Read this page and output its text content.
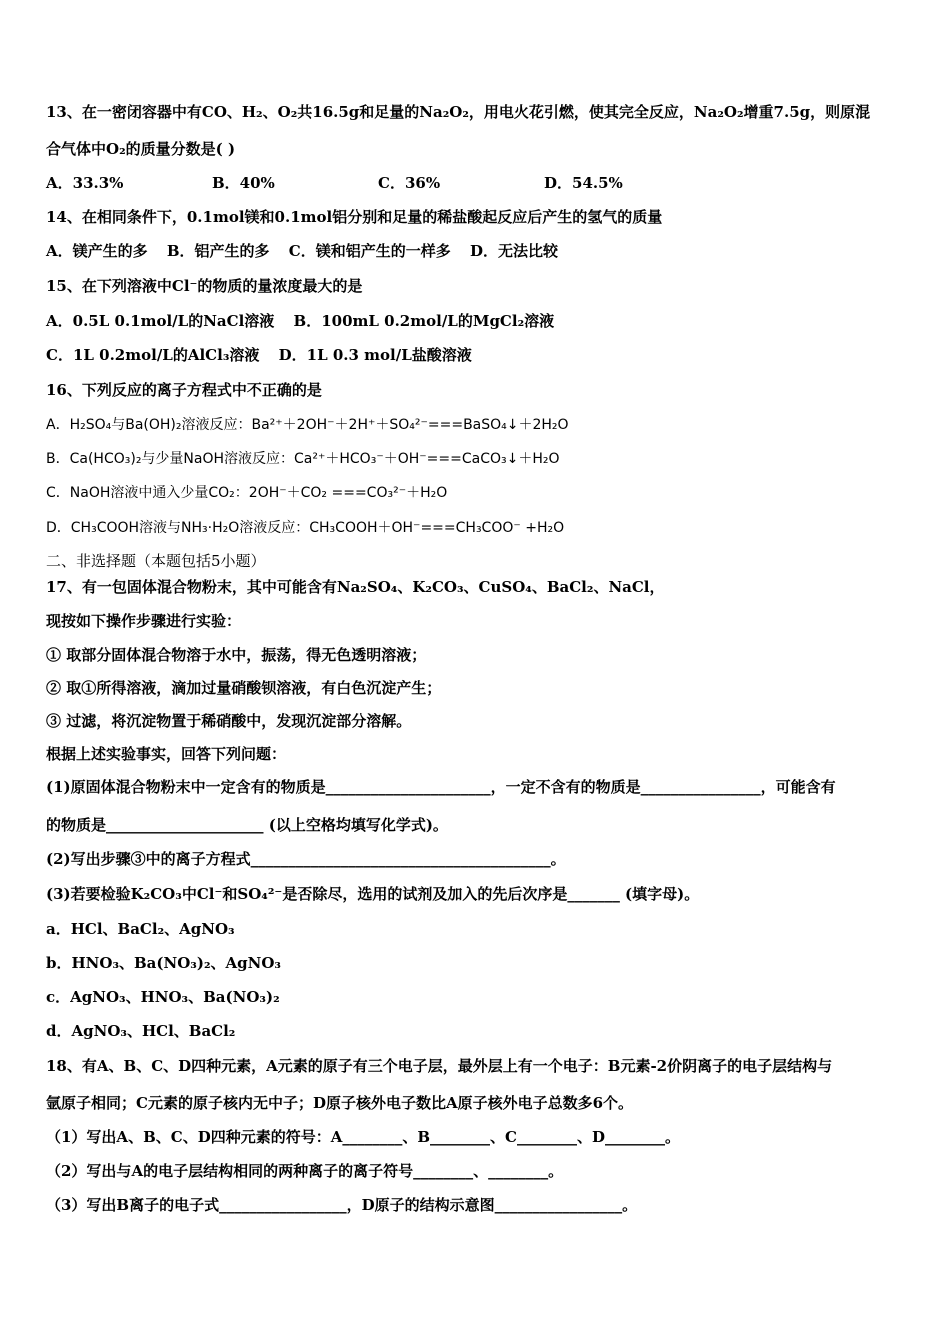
13、在一密闭容器中有CO、H₂、O₂共16.5g和足量的Na₂O₂，用电火花引燃，使其完全反应，Na₂O₂增重7.5g，则原混
合气体中O₂的质量分数是( )
A．33.3%	B．40%	C．36%	D．54.5%
14、在相同条件下，0.1mol镁和0.1mol铝分别和足量的稀盐酸起反应后产生的氢气的质量
A．镁产生的多 B．铝产生的多 C．镁和铝产生的一样多 D．无法比较
15、在下列溶液中Cl⁻的物质的量浓度最大的是
A．0.5L 0.1mol/L的NaCl溶液 B．100mL 0.2mol/L的MgCl₂溶液
C．1L 0.2mol/L的AlCl₃溶液 D．1L 0.3 mol/L盐酸溶液
16、下列反应的离子方程式中不正确的是
A．H₂SO₄与Ba(OH)₂溶液反应：Ba²⁺＋2OH⁻＋2H⁺＋SO₄²⁻===BaSO₄↓＋2H₂O
B．Ca(HCO₃)₂与少量NaOH溶液反应：Ca²⁺＋HCO₃⁻＋OH⁻===CaCO₃↓＋H₂O
C．NaOH溶液中通入少量CO₂：2OH⁻＋CO₂ ===CO₃²⁻＋H₂O
D．CH₃COOH溶液与NH₃·H₂O溶液反应：CH₃COOH＋OH⁻===CH₃COO⁻ +H₂O
二、非选择题（本题包括5小题）
17、有一包固体混合物粉末，其中可能含有Na₂SO₄、K₂CO₃、CuSO₄、BaCl₂、NaCl，
现按如下操作步骤进行实验：
① 取部分固体混合物溶于水中，振荡，得无色透明溶液；
② 取①所得溶液，滴加过量硝酸钡溶液，有白色沉淀产生；
③ 过滤，将沉淀物置于稀硝酸中，发现沉淀部分溶解。
根据上述实验事实，回答下列问题：
(1)原固体混合物粉末中一定含有的物质是______________________，一定不含有的物质是________________，可能含有
的物质是_____________________ (以上空格均填写化学式)。
(2)写出步骤③中的离子方程式________________________________________。
(3)若要检验K₂CO₃中Cl⁻和SO₄²⁻是否除尽，选用的试剂及加入的先后次序是_______ (填字母)。
a．HCl、BaCl₂、AgNO₃
b．HNO₃、Ba(NO₃)₂、AgNO₃
c．AgNO₃、HNO₃、Ba(NO₃)₂
d．AgNO₃、HCl、BaCl₂
18、有A、B、C、D四种元素，A元素的原子有三个电子层，最外层上有一个电子：B元素-2价阴离子的电子层结构与
氩原子相同；C元素的原子核内无中子；D原子核外电子数比A原子核外电子总数多6个。
（1）写出A、B、C、D四种元素的符号：A________、B________、C________、D________。
（2）写出与A的电子层结构相同的两种离子的离子符号________、________。
（3）写出B离子的电子式_________________，D原子的结构示意图_________________。
